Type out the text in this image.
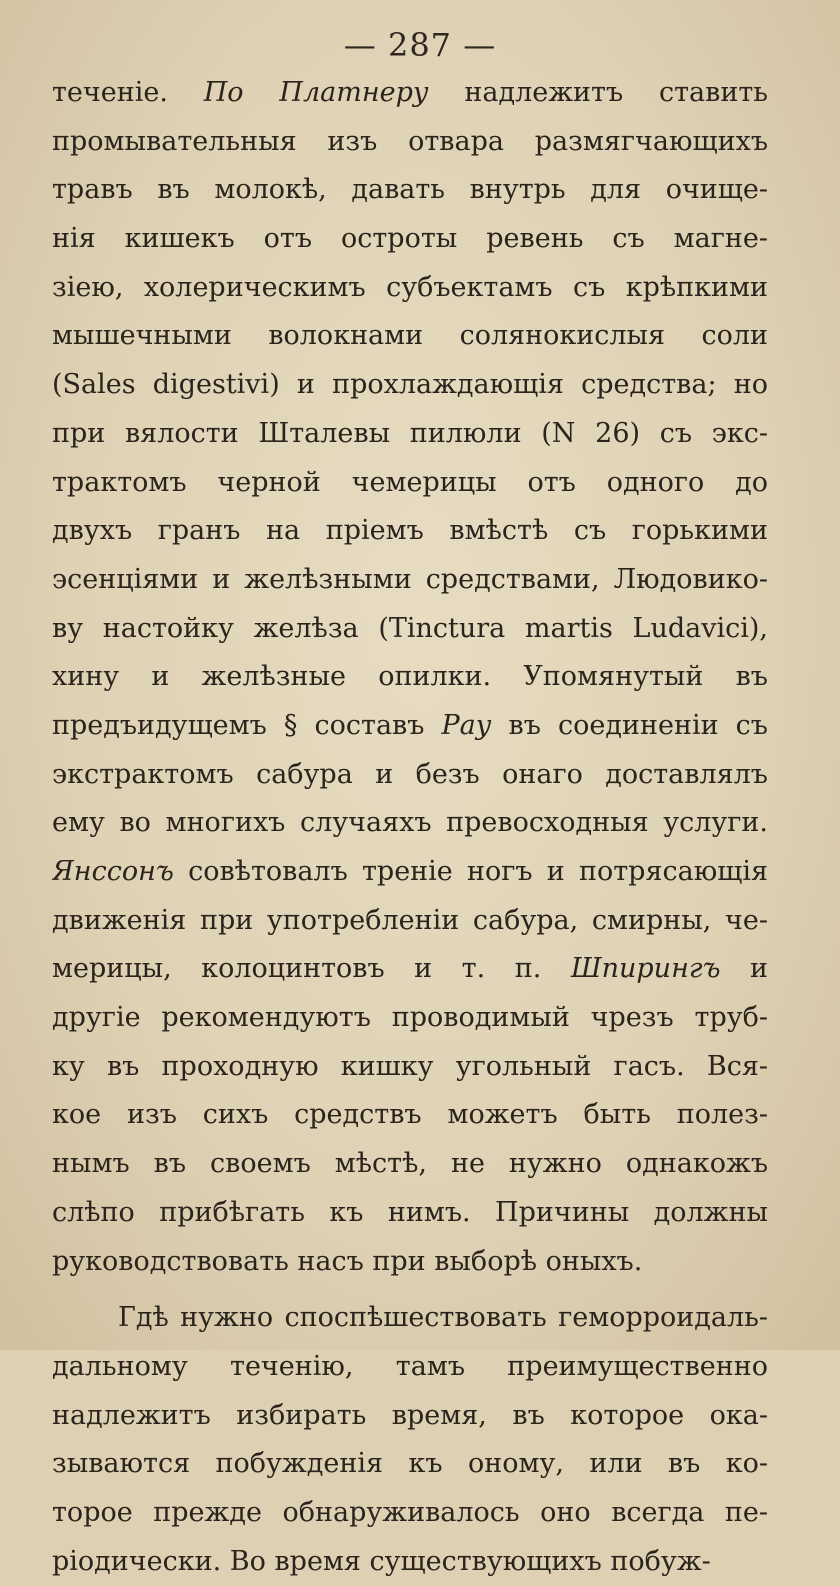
— 287 —
теченіе. По Платнеру надлежитъ ставить
промывательныя изъ отвара размягчающихъ
травъ въ молокѣ, давать внутрь для очище-
нія кишекъ отъ остроты ревень съ магне-
зіею, холерическимъ субъектамъ съ крѣпкими
мышечными волокнами солянокислыя соли
(Sales digestivi) и прохлаждающія средства; но
при вялости Шталевы пилюли (N 26) съ экс-
трактомъ черной чемерицы отъ одного до
двухъ гранъ на пріемъ вмѣстѣ съ горькими
эсенціями и желѣзными средствами, Людовико-
ву настойку желѣза (Tinctura martis Ludavici),
хину и желѣзные опилки. Упомянутый въ
предъидущемъ § составъ Рау въ соединеніи съ
экстрактомъ сабура и безъ онаго доставлялъ
ему во многихъ случаяхъ превосходныя услуги.
Янссонъ совѣтовалъ треніе ногъ и потрясающія
движенія при употребленіи сабура, смирны, че-
мерицы, колоцинтовъ и т. п. Шпирингъ и
другіе рекомендуютъ проводимый чрезъ труб-
ку въ проходную кишку угольный гасъ. Вся-
кое изъ сихъ средствъ можетъ быть полез-
нымъ въ своемъ мѣстѣ, не нужно однакожъ
слѣпо прибѣгать къ нимъ. Причины должны
руководствовать насъ при выборѣ оныхъ.
Гдѣ нужно споспѣшествовать геморроидаль-
дальному теченію, тамъ преимущественно
надлежитъ избирать время, въ которое ока-
зываются побужденія къ оному, или въ ко-
торое прежде обнаруживалось оно всегда пе-
ріодически. Во время существующихъ побуж-
